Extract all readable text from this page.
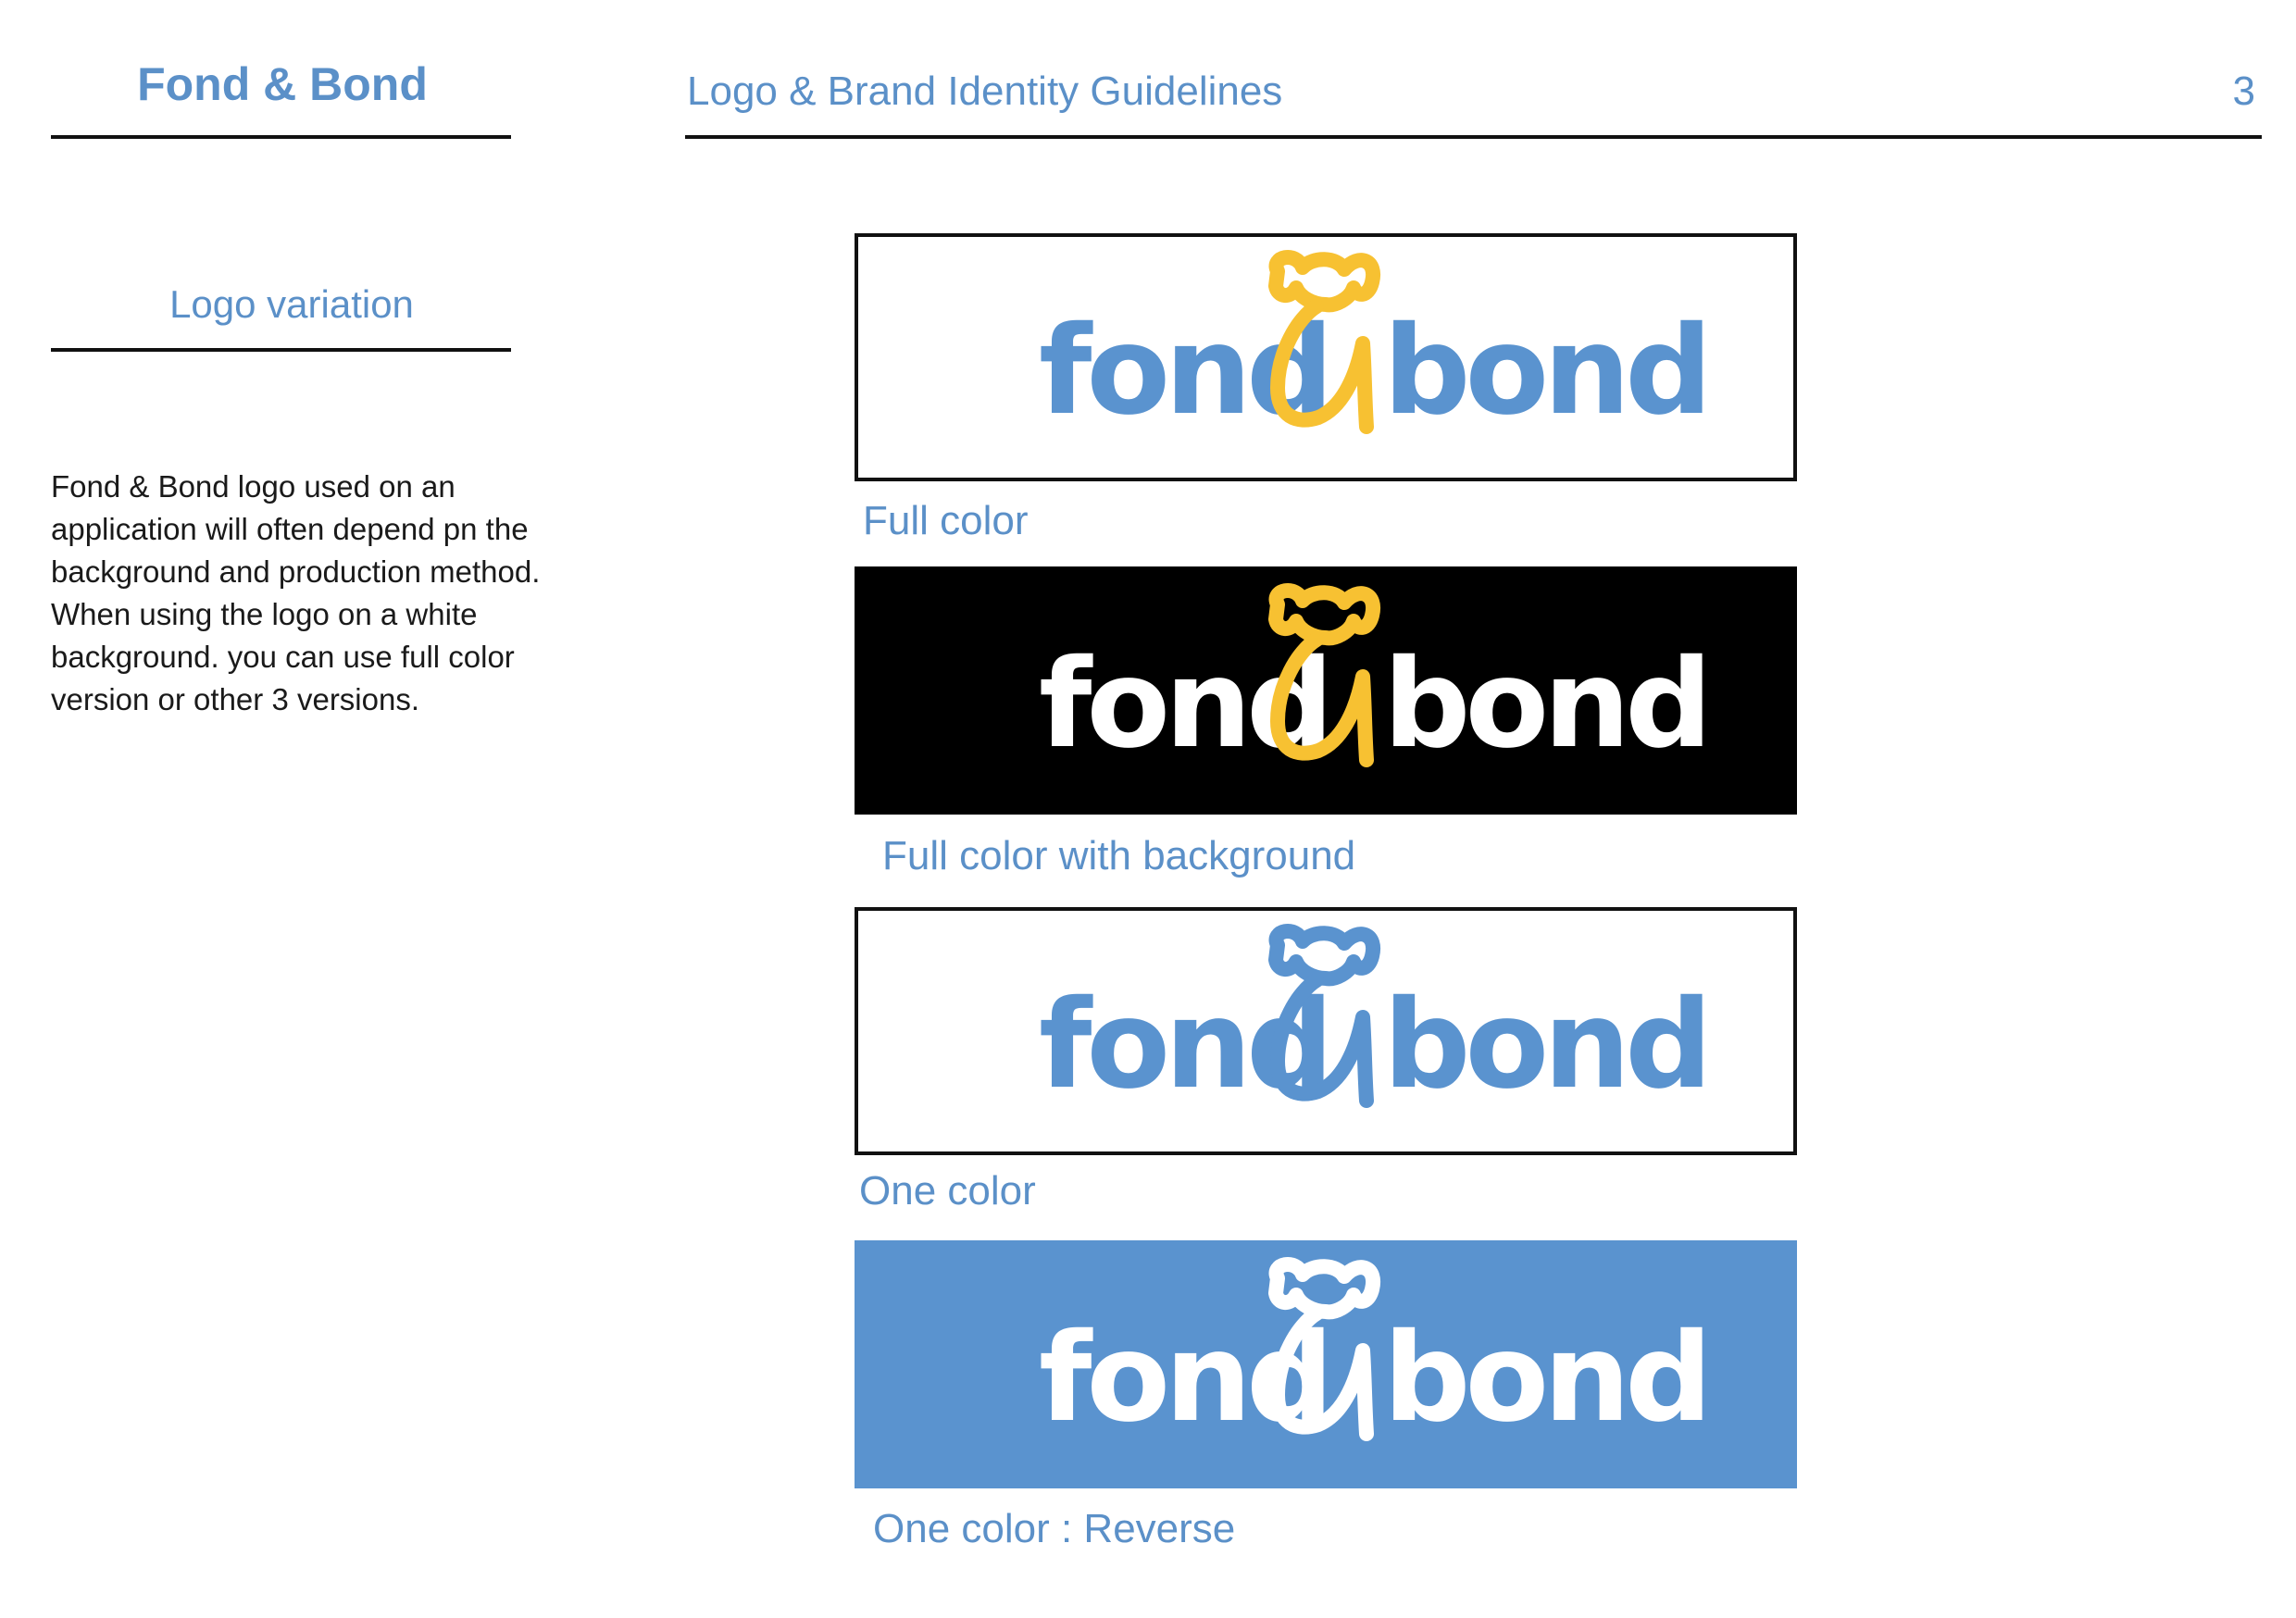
Fond & Bond	Logo & Brand Identity Guidelines	3
Logo variation
Fond & Bond logo used on an application will often depend pn the background and production method. When using the logo on a white background. you can use full color version or other 3 versions.
fond bond
Full color
fond bond
Full color with background
fond bond
One color
fond bond
One color : Reverse
